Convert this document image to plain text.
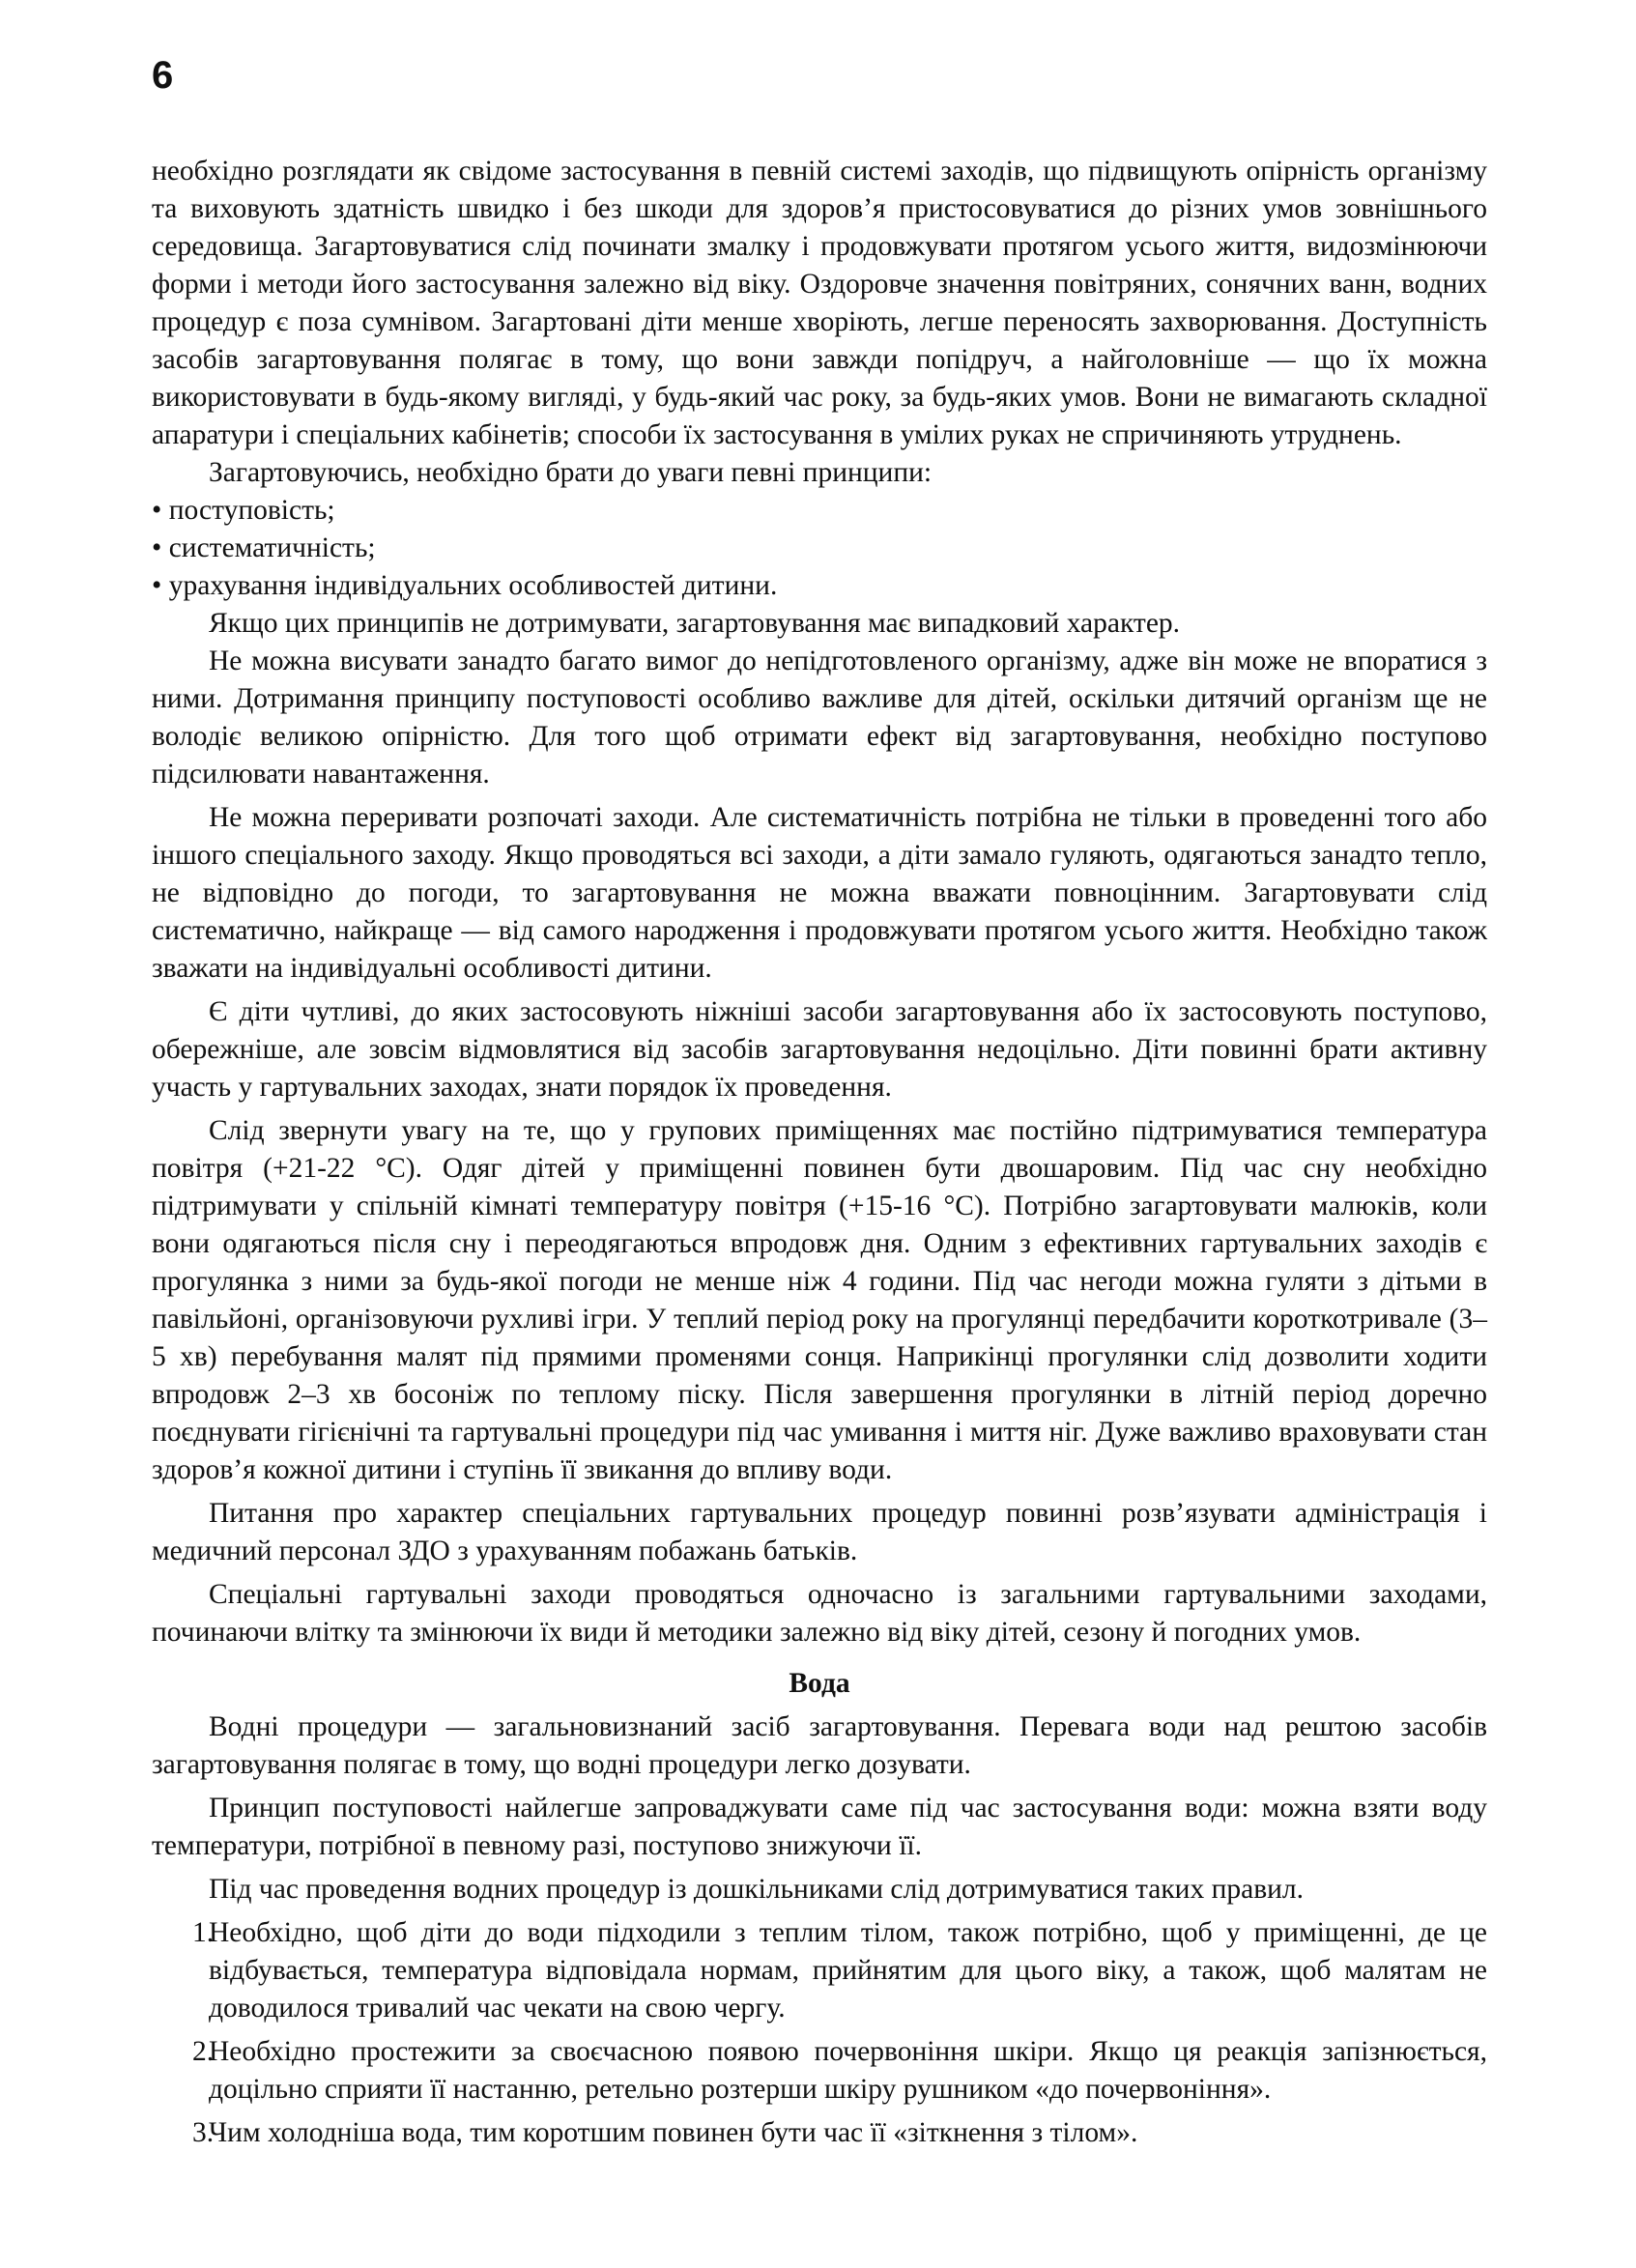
6

необхідно розглядати як свідоме застосування в певній системі заходів, що підвищують опірність організму та виховують здатність швидко і без шкоди для здоров’я пристосовуватися до різних умов зовнішнього середовища. Загартовуватися слід починати змалку і продовжувати протягом усього життя, видозмінюючи форми і методи його застосування залежно від віку. Оздоровче значення повітряних, сонячних ванн, водних процедур є поза сумнівом. Загартовані діти менше хворіють, легше переносять захворювання. Доступність засобів загартовування полягає в тому, що вони завжди попідруч, а найголовніше — що їх можна використовувати в будь-якому вигляді, у будь-який час року, за будь-яких умов. Вони не вимагають складної апаратури і спеціальних кабінетів; способи їх застосування в умілих руках не спричиняють утруднень.

Загартовуючись, необхідно брати до уваги певні принципи:

• поступовість;

• систематичність;

• урахування індивідуальних особливостей дитини.

Якщо цих принципів не дотримувати, загартовування має випадковий характер.

Не можна висувати занадто багато вимог до непідготовленого організму, адже він може не впоратися з ними. Дотримання принципу поступовості особливо важливе для дітей, оскільки дитячий організм ще не володіє великою опірністю. Для того щоб отримати ефект від загартовування, необхідно поступово підсилювати навантаження.

Не можна переривати розпочаті заходи. Але систематичність потрібна не тільки в проведенні того або іншого спеціального заходу. Якщо проводяться всі заходи, а діти замало гуляють, одягаються занадто тепло, не відповідно до погоди, то загартовування не можна вважати повноцінним. Загартовувати слід систематично, найкраще — від самого народження і продовжувати протягом усього життя. Необхідно також зважати на індивідуальні особливості дитини.

Є діти чутливі, до яких застосовують ніжніші засоби загартовування або їх застосовують поступово, обережніше, але зовсім відмовлятися від засобів загартовування недоцільно. Діти повинні брати активну участь у гартувальних заходах, знати порядок їх проведення.

Слід звернути увагу на те, що у групових приміщеннях має постійно підтримуватися температура повітря (+21-22 °C). Одяг дітей у приміщенні повинен бути двошаровим. Під час сну необхідно підтримувати у спільній кімнаті температуру повітря (+15-16 °C). Потрібно загартовувати малюків, коли вони одягаються після сну і переодягаються впродовж дня. Одним з ефективних гартувальних заходів є прогулянка з ними за будь-якої погоди не менше ніж 4 години. Під час негоди можна гуляти з дітьми в павільйоні, організовуючи рухливі ігри. У теплий період року на прогулянці передбачити короткотривале (3–5 хв) перебування малят під прямими променями сонця. Наприкінці прогулянки слід дозволити ходити впродовж 2–3 хв босоніж по теплому піску. Після завершення прогулянки в літній період доречно поєднувати гігієнічні та гартувальні процедури під час умивання і миття ніг. Дуже важливо враховувати стан здоров’я кожної дитини і ступінь її звикання до впливу води.

Питання про характер спеціальних гартувальних процедур повинні розв’язувати адміністрація і медичний персонал ЗДО з урахуванням побажань батьків.

Спеціальні гартувальні заходи проводяться одночасно із загальними гартувальними заходами, починаючи влітку та змінюючи їх види й методики залежно від віку дітей, сезону й погодних умов.

Вода

Водні процедури — загальновизнаний засіб загартовування. Перевага води над рештою засобів загартовування полягає в тому, що водні процедури легко дозувати.

Принцип поступовості найлегше запроваджувати саме під час застосування води: можна взяти воду температури, потрібної в певному разі, поступово знижуючи її.

Під час проведення водних процедур із дошкільниками слід дотримуватися таких правил.

1.
Необхідно, щоб діти до води підходили з теплим тілом, також потрібно, щоб у приміщенні, де це відбувається, температура відповідала нормам, прийнятим для цього віку, а також, щоб малятам не доводилося тривалий час чекати на свою чергу.

2.
Необхідно простежити за своєчасною появою почервоніння шкіри. Якщо ця реакція запізнюється, доцільно сприяти її настанню, ретельно розтерши шкіру рушником «до почервоніння».

3.
Чим холодніша вода, тим коротшим повинен бути час її «зіткнення з тілом».
